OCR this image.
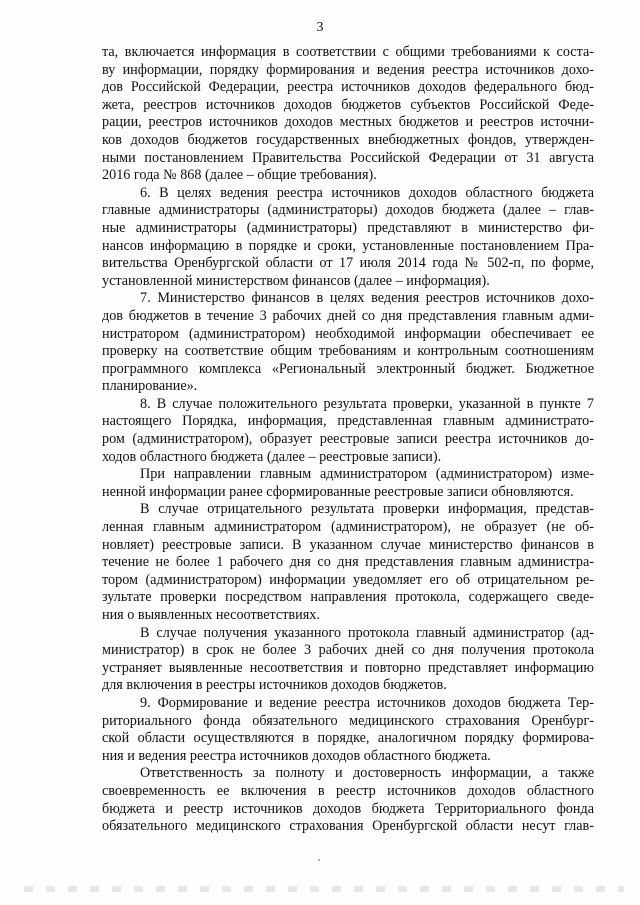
3
та, включается информация в соответствии с общими требованиями к соста-
ву информации, порядку формирования и ведения реестра источников дохо-
дов Российской Федерации, реестра источников доходов федерального бюд-
жета, реестров источников доходов бюджетов субъектов Российской Феде-
рации, реестров источников доходов местных бюджетов и реестров источни-
ков доходов бюджетов государственных внебюджетных фондов, утвержден-
ными постановлением Правительства Российской Федерации от 31 августа
2016 года № 868 (далее – общие требования).
6. В целях ведения реестра источников доходов областного бюджета
главные администраторы (администраторы) доходов бюджета (далее – глав-
ные администраторы (администраторы) представляют в министерство фи-
нансов информацию в порядке и сроки, установленные постановлением Пра-
вительства Оренбургской области от 17 июля 2014 года № 502-п, по форме,
установленной министерством финансов (далее – информация).
7. Министерство финансов в целях ведения реестров источников дохо-
дов бюджетов в течение 3 рабочих дней со дня представления главным адми-
нистратором (администратором) необходимой информации обеспечивает ее
проверку на соответствие общим требованиям и контрольным соотношениям
программного комплекса «Региональный электронный бюджет. Бюджетное
планирование».
8. В случае положительного результата проверки, указанной в пункте 7
настоящего Порядка, информация, представленная главным администрато-
ром (администратором), образует реестровые записи реестра источников до-
ходов областного бюджета (далее – реестровые записи).
При направлении главным администратором (администратором) изме-
ненной информации ранее сформированные реестровые записи обновляются.
В случае отрицательного результата проверки информация, представ-
ленная главным администратором (администратором), не образует (не об-
новляет) реестровые записи. В указанном случае министерство финансов в
течение не более 1 рабочего дня со дня представления главным администра-
тором (администратором) информации уведомляет его об отрицательном ре-
зультате проверки посредством направления протокола, содержащего сведе-
ния о выявленных несоответствиях.
В случае получения указанного протокола главный администратор (ад-
министратор) в срок не более 3 рабочих дней со дня получения протокола
устраняет выявленные несоответствия и повторно представляет информацию
для включения в реестры источников доходов бюджетов.
9. Формирование и ведение реестра источников доходов бюджета Тер-
риториального фонда обязательного медицинского страхования Оренбург-
ской области осуществляются в порядке, аналогичном порядку формирова-
ния и ведения реестра источников доходов областного бюджета.
Ответственность за полноту и достоверность информации, а также
своевременность ее включения в реестр источников доходов областного
бюджета и реестр источников доходов бюджета Территориального фонда
обязательного медицинского страхования Оренбургской области несут глав-
